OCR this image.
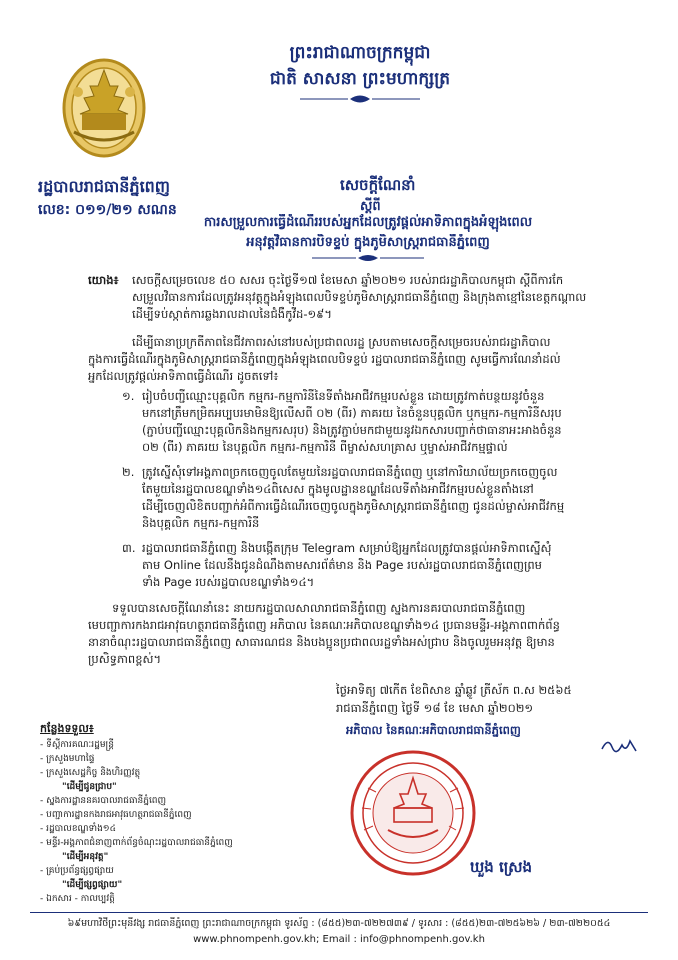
ព្រះរាជាណាចក្រកម្ពុជា
ជាតិ សាសនា ព្រះមហាក្សត្រ
រដ្ឋបាលរាជធានីភ្នំពេញ
លេខ: ០១១/២១ សណន
សេចក្ដីណែនាំ
ស្ដីពី
ការសម្រួលការធ្វើដំណើររបស់អ្នកដែលត្រូវផ្ដល់អាទិភាពក្នុងអំឡុងពេល
អនុវត្តវិធានការបិទខ្ទប់ ក្នុងភូមិសាស្ត្ររាជធានីភ្នំពេញ
យោង៖ សេចក្ដីសម្រេចលេខ ៥០ សសរ ចុះថ្ងៃទី១៧ ខែមេសា ឆ្នាំ២០២១ របស់រាជរដ្ឋាភិបាលកម្ពុជា ស្ដីពីការកែ
សម្រួលវិធានការដែលត្រូវអនុវត្តក្នុងអំឡុងពេលបិទខ្ទប់ភូមិសាស្ត្ររាជធានីភ្នំពេញ និងក្រុងតាខ្មៅនៃខេត្តកណ្ដាល
ដើម្បីទប់ស្កាត់ការឆ្លងរាលដាលនៃជំងឺកូវីដ-១៩។
ដើម្បីធានាប្រក្រតីភាពនៃជីវភាពរស់នៅរបស់ប្រជាពលរដ្ឋ ស្របតាមសេចក្ដីសម្រេចរបស់រាជរដ្ឋាភិបាល
ក្នុងការធ្វើដំណើរក្នុងភូមិសាស្ត្ររាជធានីភ្នំពេញក្នុងអំឡុងពេលបិទខ្ទប់ រដ្ឋបាលរាជធានីភ្នំពេញ សូមធ្វើការណែនាំដល់
អ្នកដែលត្រូវផ្ដល់អាទិភាពធ្វើដំណើរ ដូចតទៅ៖
១. រៀបចំបញ្ជីឈ្មោះបុគ្គលិក កម្មករ-កម្មការិនីនៃទីតាំងអាជីវកម្មរបស់ខ្លួន ដោយត្រូវកាត់បន្ថយនូវចំនួន
មកនៅត្រឹមកម្រិតអប្បបរមាមិនឱ្យលើសពី ០២ (ពីរ) ភាគរយ នៃចំនួនបុគ្គលិក ឬកម្មករ-កម្មការិនីសរុប
(ភ្ជាប់បញ្ជីឈ្មោះបុគ្គលិកនិងកម្មករសរុប) និងត្រូវភ្ជាប់មកជាមួយនូវឯកសារបញ្ជាក់ថាធានាអះអាងចំនួន
០២ (ពីរ) ភាគរយ នៃបុគ្គលិក កម្មករ-កម្មការិនី ពីម្ចាស់សហគ្រាស ឬម្ចាស់អាជីវកម្មផ្ទាល់
២. ត្រូវស្នើសុំទៅអង្គភាពច្រកចេញចូលតែមួយនៃរដ្ឋបាលរាជធានីភ្នំពេញ ឬនៅការិយាល័យច្រកចេញចូល
តែមួយនៃរដ្ឋបាលខណ្ឌទាំង១៤ពិសេស ក្នុងមូលដ្ឋានខណ្ឌដែលទីតាំងអាជីវកម្មរបស់ខ្លួនតាំងនៅ
ដើម្បីចេញលិខិតបញ្ជាក់អំពីការធ្វើដំណើរចេញចូលក្នុងភូមិសាស្ត្ររាជធានីភ្នំពេញ ជូនដល់ម្ចាស់អាជីវកម្ម
និងបុគ្គលិក កម្មករ-កម្មការិនី
៣. រដ្ឋបាលរាជធានីភ្នំពេញ និងបង្កើតក្រុម Telegram សម្រាប់ឱ្យអ្នកដែលត្រូវបានផ្ដល់អាទិភាពស្នើសុំ
តាម Online ដែលនឹងជូនដំណឹងតាមសារព័ត៌មាន និង Page របស់រដ្ឋបាលរាជធានីភ្នំពេញព្រម
ទាំង Page របស់រដ្ឋបាលខណ្ឌទាំង១៤។
ទទួលបានសេចក្ដីណែនាំនេះ នាយករដ្ឋបាលសាលារាជធានីភ្នំពេញ ស្នងការនគរបាលរាជធានីភ្នំពេញ
មេបញ្ជាការកងរាជអាវុធហត្ថរាជធានីភ្នំពេញ អភិបាល នៃគណៈអភិបាលខណ្ឌទាំង១៤ ប្រធានមន្ទីរ-អង្គភាពពាក់ព័ន្ធ
នានាចំណុះរដ្ឋបាលរាជធានីភ្នំពេញ សាធារណជន និងបងប្អូនប្រជាពលរដ្ឋទាំងអស់ជ្រាប និងចូលរួមអនុវត្ត ឱ្យមាន
ប្រសិទ្ធភាពខ្ពស់។
ថ្ងៃអាទិត្យ ៧កើត ខែពិសាខ ឆ្នាំឆ្លូវ ត្រីស័ក ព.ស ២៥៦៥
រាជធានីភ្នំពេញ ថ្ងៃទី ១៨ ខែ មេសា ឆ្នាំ២០២១
អភិបាល នៃគណៈអភិបាលរាជធានីភ្នំពេញ
ឃួង ស្រេង
កន្លែងទទួល៖
- ទីស្ដីការគណៈរដ្ឋមន្ត្រី
- ក្រសួងមហាផ្ទៃ
- ក្រសួងសេដ្ឋកិច្ច និងហិរញ្ញវត្ថុ
"ដើម្បីជូនជ្រាប"
- ស្នងការដ្ឋាននគរបាលរាជធានីភ្នំពេញ
- បញ្ជាការដ្ឋានកងរាជអាវុធហត្ថរាជធានីភ្នំពេញ
- រដ្ឋបាលខណ្ឌទាំង១៤
- មន្ទីរ-អង្គភាពជំនាញពាក់ព័ន្ធចំណុះរដ្ឋបាលរាជធានីភ្នំពេញ
"ដើម្បីអនុវត្ត"
- គ្រប់ប្រព័ន្ធផ្សព្វផ្សាយ
"ដើម្បីផ្សព្វផ្សាយ"
- ឯកសារ - កាលប្បវត្តិ
៦៩មហាវិថីព្រះមុនីវង្ស រាជធានីភ្នំពេញ ព្រះរាជាណាចក្រកម្ពុជា ទូរស័ព្ទ : (៨៥៥)២៣-៧២២៧៣៩ / ទូរសារ : (៨៥៥)២៣-៧២៥៦២៦ / ២៣-៧២២០៥៤
www.phnompenh.gov.kh; Email : info@phnompenh.gov.kh
